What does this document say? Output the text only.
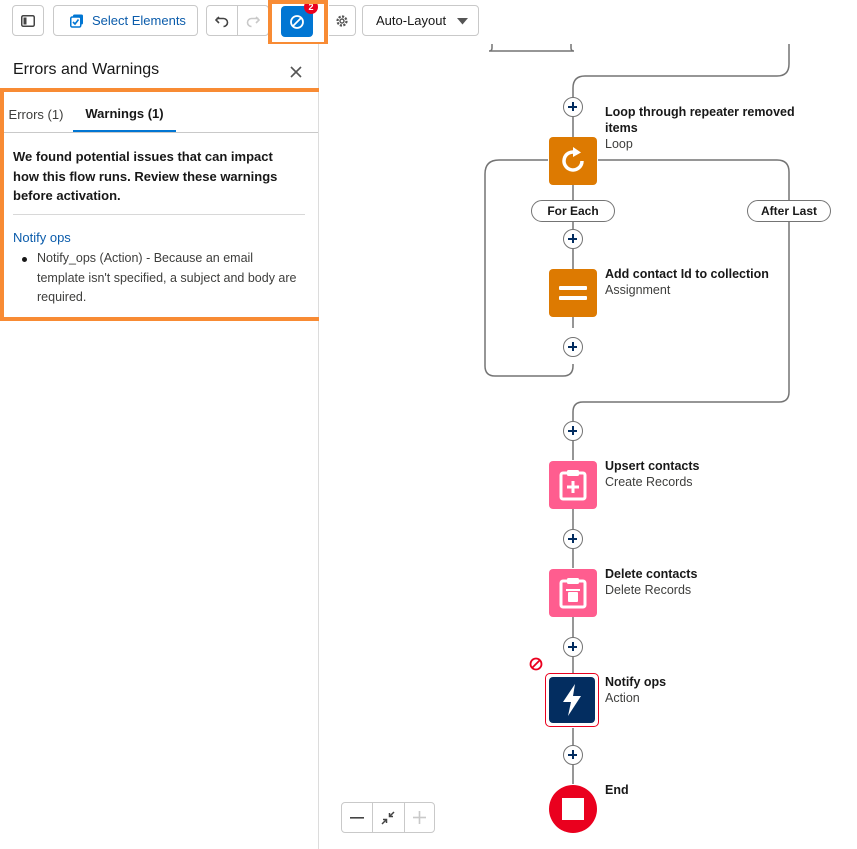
Select Elements
2
Auto-Layout
Errors and Warnings
Errors (1) Warnings (1)
We found potential issues that can impact how this flow runs. Review these warnings before activation.
Notify ops
Notify_ops (Action) - Because an email template isn't specified, a subject and body are required.
Loop through repeater removed items
Loop
For Each	After Last
Add contact Id to collection
Assignment
Upsert contacts
Create Records
Delete contacts
Delete Records
Notify ops
Action
End
